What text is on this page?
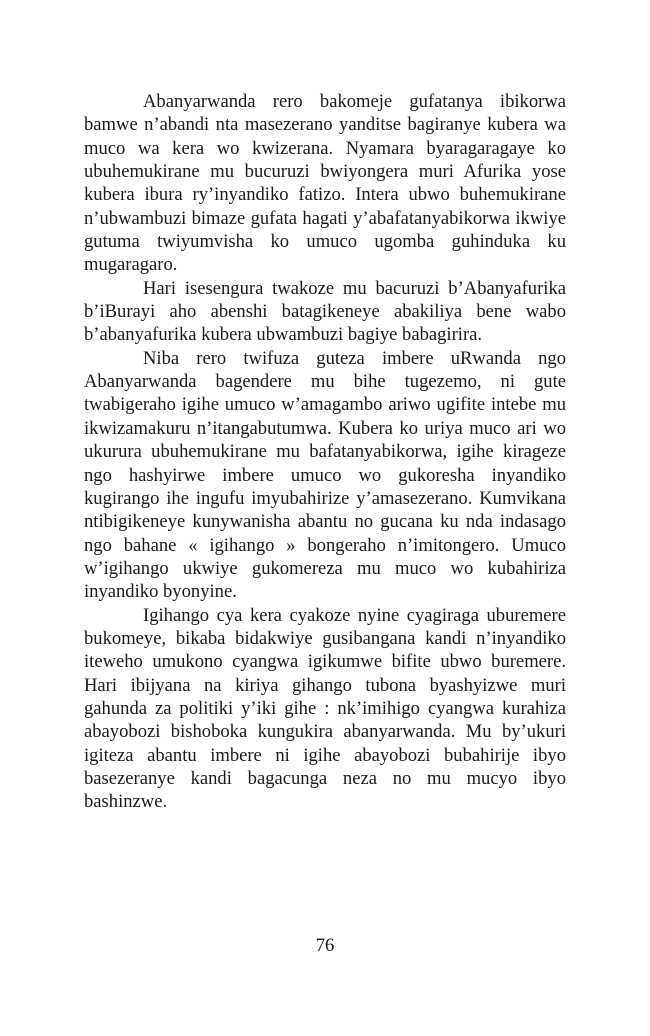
Abanyarwanda rero bakomeje gufatanya ibikorwa bamwe n’abandi nta masezerano yanditse bagiranye kubera wa muco wa kera wo kwizerana. Nyamara byaragaragaye ko ubuhemukirane mu bucuruzi bwiyongera muri Afurika yose kubera ibura ry’inyandiko fatizo. Intera ubwo buhemukirane n’ubwambuzi bimaze gufata hagati y’abafatanyabikorwa ikwiye gutuma twiyumvisha ko umuco ugomba guhinduka ku mugaragaro.

Hari isesengura twakoze mu bacuruzi b’Abanyafurika b’iBurayi aho abenshi batagikeneye abakiliya bene wabo b’abanyafurika kubera ubwambuzi bagiye babagirira.

Niba rero twifuza guteza imbere uRwanda ngo Abanyarwanda bagendere mu bihe tugezemo, ni gute twabigeraho igihe umuco w’amagambo ariwo ugifite intebe mu ikwizamakuru n’itangabutumwa. Kubera ko uriya muco ari wo ukurura ubuhemukirane mu bafatanyabikorwa, igihe kirageze ngo hashyirwe imbere umuco wo gukoresha inyandiko kugirango ihe ingufu imyubahirize y’amasezerano. Kumvikana ntibigikeneye kunywanisha abantu no gucana ku nda indasago ngo bahane « igihango » bongeraho n’imitongero. Umuco w’igihango ukwiye gukomereza mu muco wo kubahiriza inyandiko byonyine.

Igihango cya kera cyakoze nyine cyagiraga uburemere bukomeye, bikaba bidakwiye gusibangana kandi n’inyandiko iteweho umukono cyangwa igikumwe bifite ubwo buremere. Hari ibijyana na kiriya gihango tubona byashyizwe muri gahunda za politiki y’iki gihe : nk’imihigo cyangwa kurahiza abayobozi bishoboka kungukira abanyarwanda. Mu by’ukuri igiteza abantu imbere ni igihe abayobozi bubahirije ibyo basezeranye kandi bagacunga neza no mu mucyo ibyo bashinzwe.

76
